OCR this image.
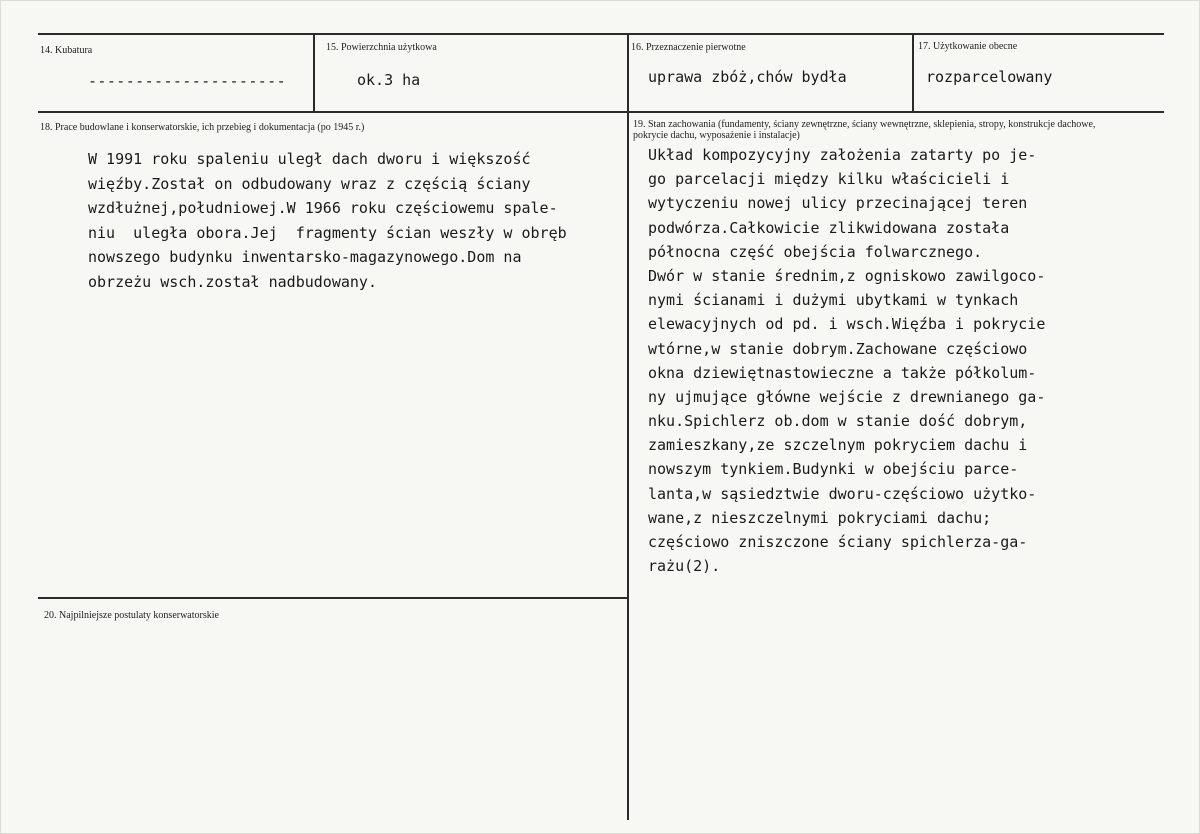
14. Kubatura
---------------------
15. Powierzchnia użytkowa
ok.3 ha
16. Przeznaczenie pierwotne
uprawa zbóż,chów bydła
17. Użytkowanie obecne
rozparcelowany
18. Prace budowlane i konserwatorskie, ich przebieg i dokumentacja (po 1945 r.)
W 1991 roku spaleniu uległ dach dworu i większość
więźby.Został on odbudowany wraz z częścią ściany
wzdłużnej,południowej.W 1966 roku częściowemu spale-
niu  uległa obora.Jej  fragmenty ścian weszły w obręb
nowszego budynku inwentarsko-magazynowego.Dom na
obrzeżu wsch.został nadbudowany.
19. Stan zachowania (fundamenty, ściany zewnętrzne, ściany wewnętrzne, sklepienia, stropy, konstrukcje dachowe,
pokrycie dachu, wyposażenie i instalacje)
Układ kompozycyjny założenia zatarty po je-
go parcelacji między kilku właścicieli i
wytyczeniu nowej ulicy przecinającej teren
podwórza.Całkowicie zlikwidowana została
północna część obejścia folwarcznego.
Dwór w stanie średnim,z ogniskowo zawilgoco-
nymi ścianami i dużymi ubytkami w tynkach
elewacyjnych od pd. i wsch.Więźba i pokrycie
wtórne,w stanie dobrym.Zachowane częściowo
okna dziewiętnastowieczne a także półkolum-
ny ujmujące główne wejście z drewnianego ga-
nku.Spichlerz ob.dom w stanie dość dobrym,
zamieszkany,ze szczelnym pokryciem dachu i
nowszym tynkiem.Budynki w obejściu parce-
lanta,w sąsiedztwie dworu-częściowo użytko-
wane,z nieszczelnymi pokryciami dachu;
częściowo zniszczone ściany spichlerza-ga-
rażu(2).
20. Najpilniejsze postulaty konserwatorskie
